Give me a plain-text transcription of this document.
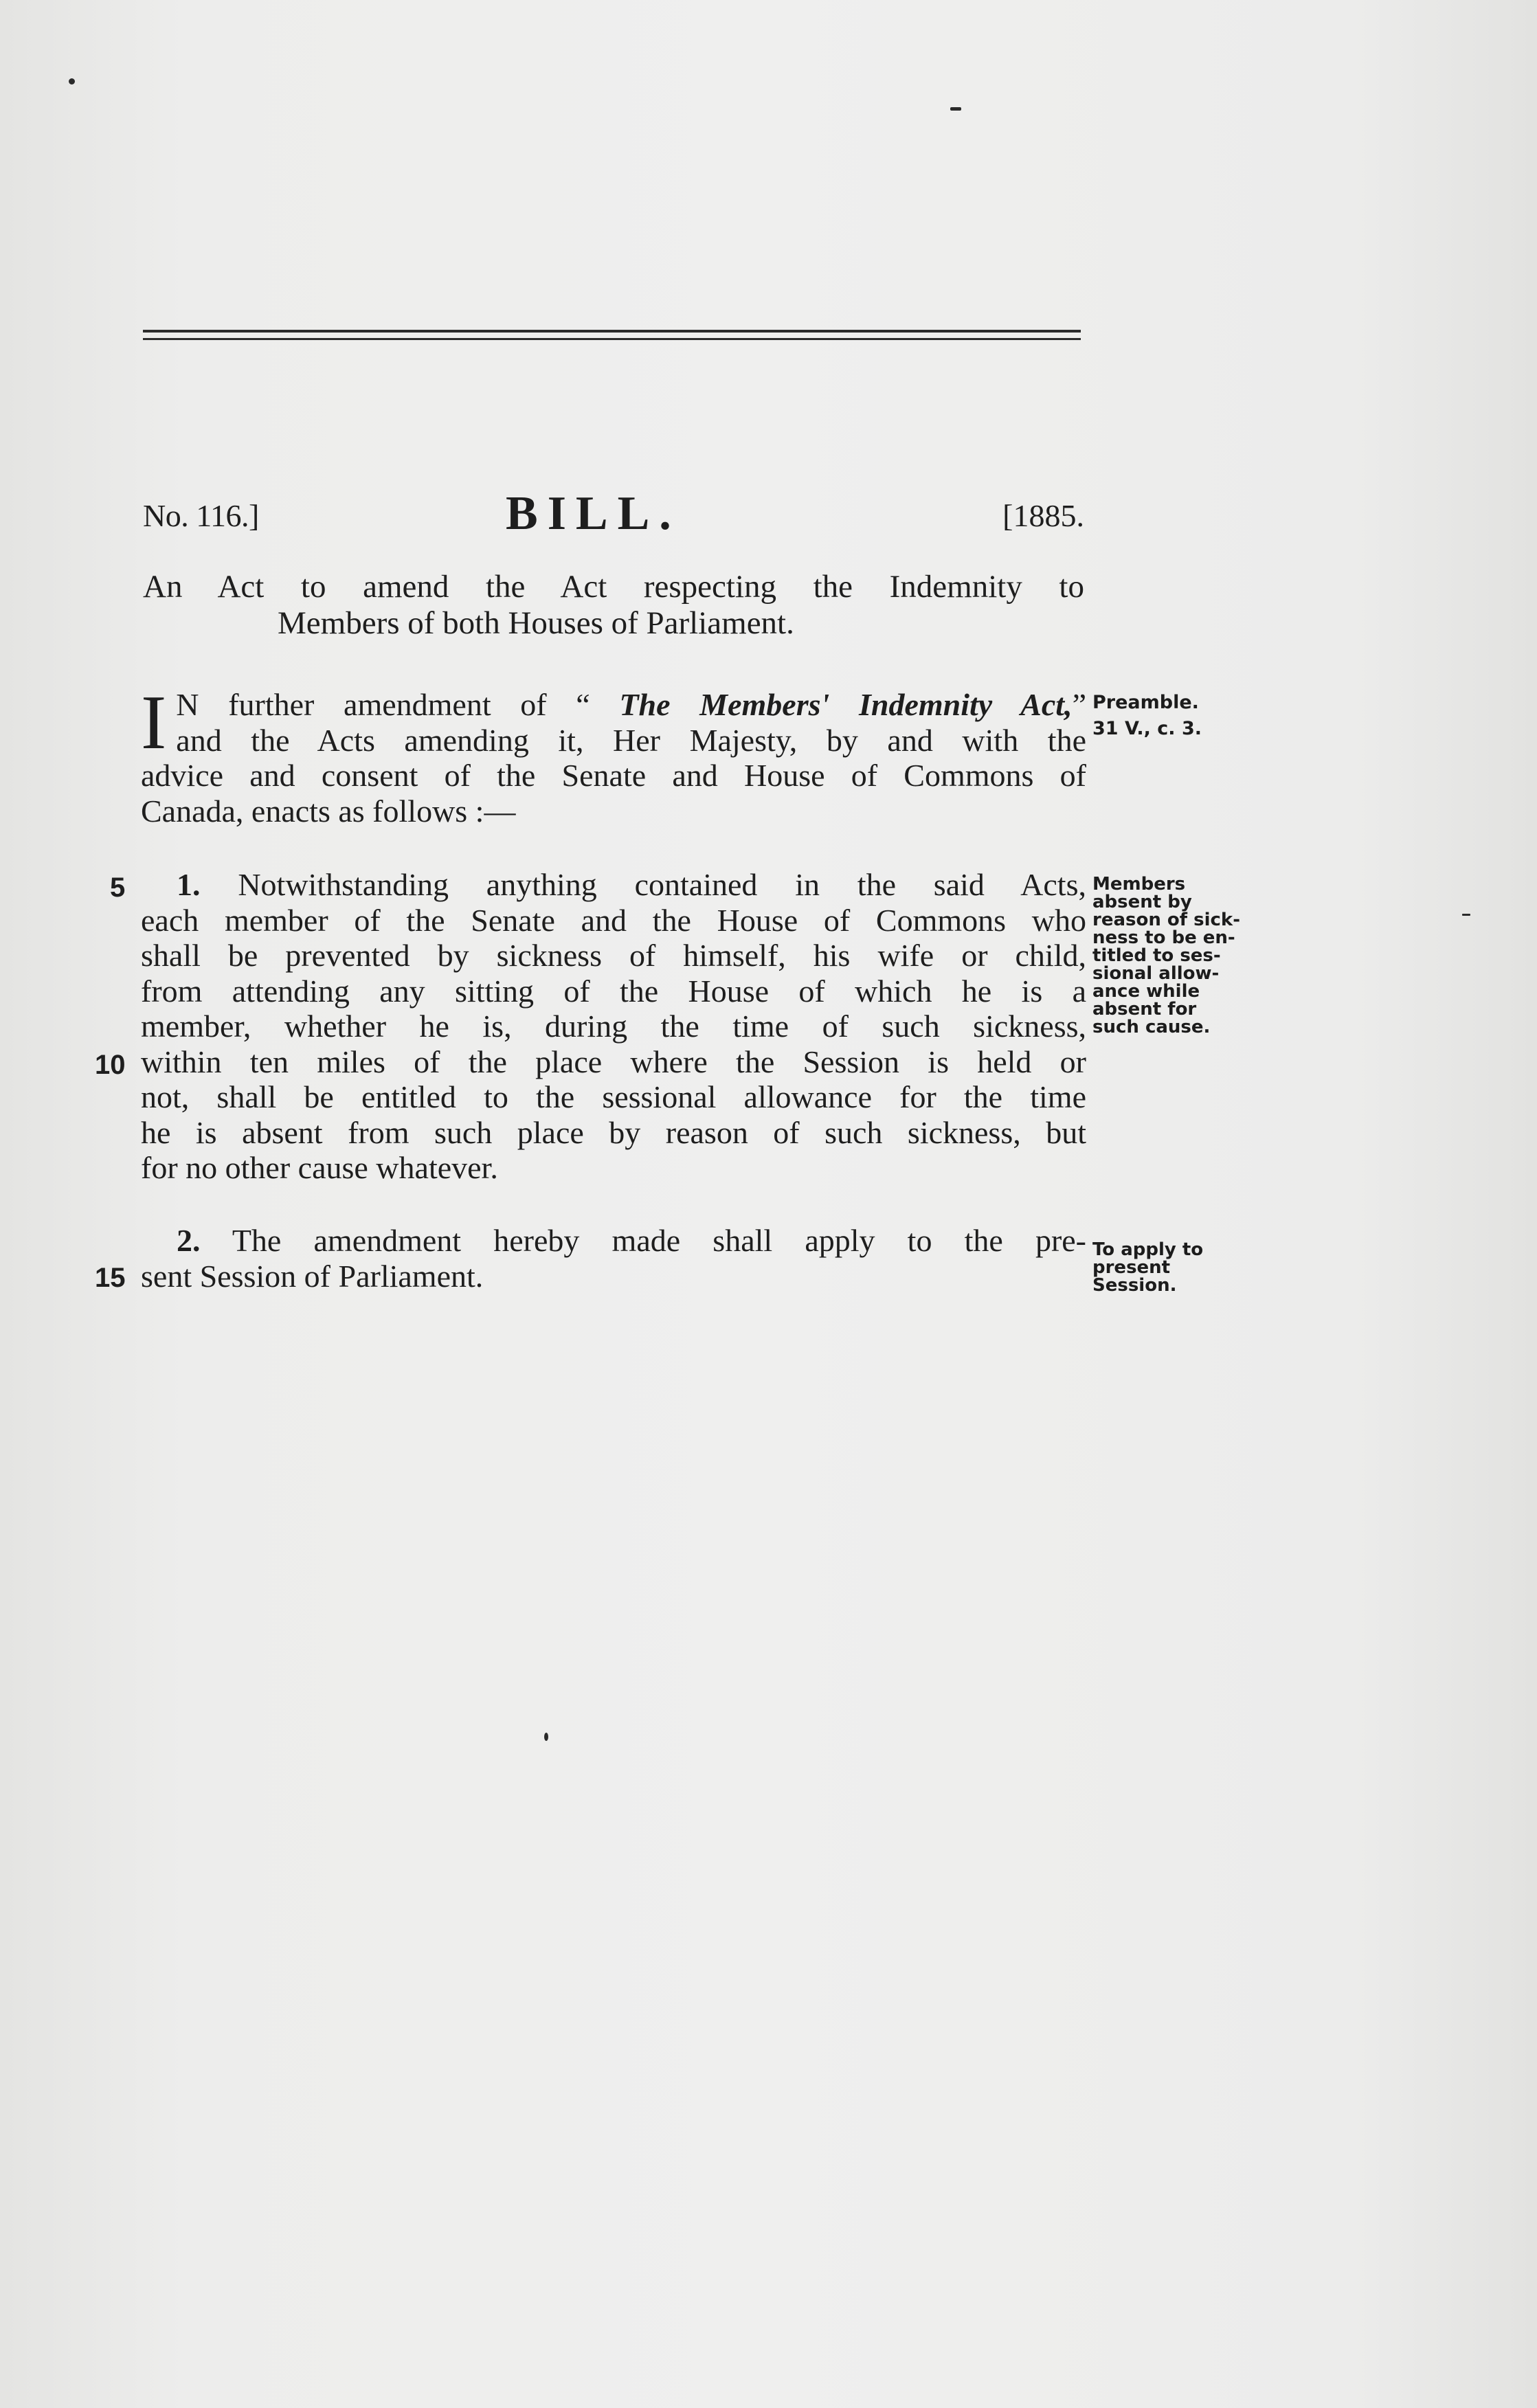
No. 116.]	BILL.	[1885.
An Act to amend the Act respecting the Indemnity to
Members of both Houses of Parliament.
I N further amendment of “ The Members' Indemnity Act,”
and the Acts amending it, Her Majesty, by and with the
advice and consent of the Senate and House of Commons of
Canada, enacts as follows :—
1. Notwithstanding anything contained in the said Acts,
each member of the Senate and the House of Commons who
shall be prevented by sickness of himself, his wife or child,
from attending any sitting of the House of which he is a
member, whether he is, during the time of such sickness,
within ten miles of the place where the Session is held or
not, shall be entitled to the sessional allowance for the time
he is absent from such place by reason of such sickness, but
for no other cause whatever.
2. The amendment hereby made shall apply to the pre-
sent Session of Parliament.
5
10
15
Preamble.
31 V., c. 3.
Members
absent by
reason of sick-
ness to be en-
titled to ses-
sional allow-
ance while
absent for
such cause.
To apply to
present
Session.
